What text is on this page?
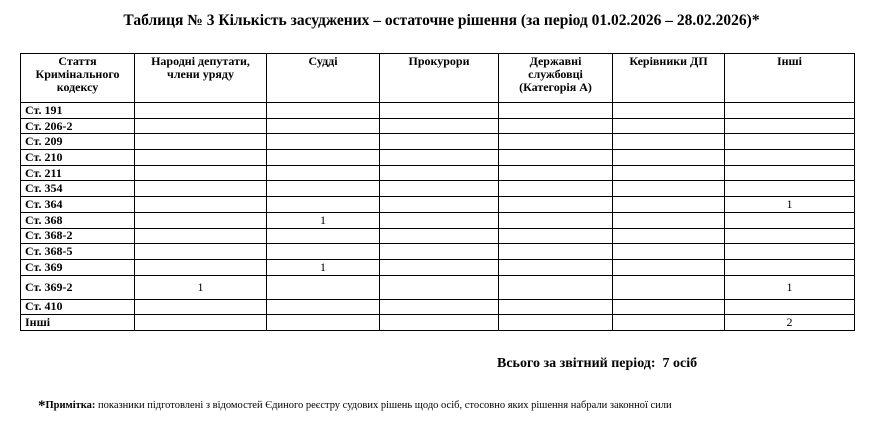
Таблиця № 3 Кількість засуджених – остаточне рішення (за період 01.02.2026 – 28.02.2026)*
Стаття Кримінального кодексу	Народні депутати, члени уряду	Судді	Прокурори	Державні службовці (Категорія А)	Керівники ДП	Інші
Ст. 191						
Ст. 206-2						
Ст. 209						
Ст. 210						
Ст. 211						
Ст. 354						
Ст. 364						1
Ст. 368		1				
Ст. 368-2						
Ст. 368-5						
Ст. 369		1				
Ст. 369-2	1					1
Ст. 410						
Інші						2
Всього за звітний період: 7 осіб
*Примітка: показники підготовлені з відомостей Єдиного реєстру судових рішень щодо осіб, стосовно яких рішення набрали законної сили
